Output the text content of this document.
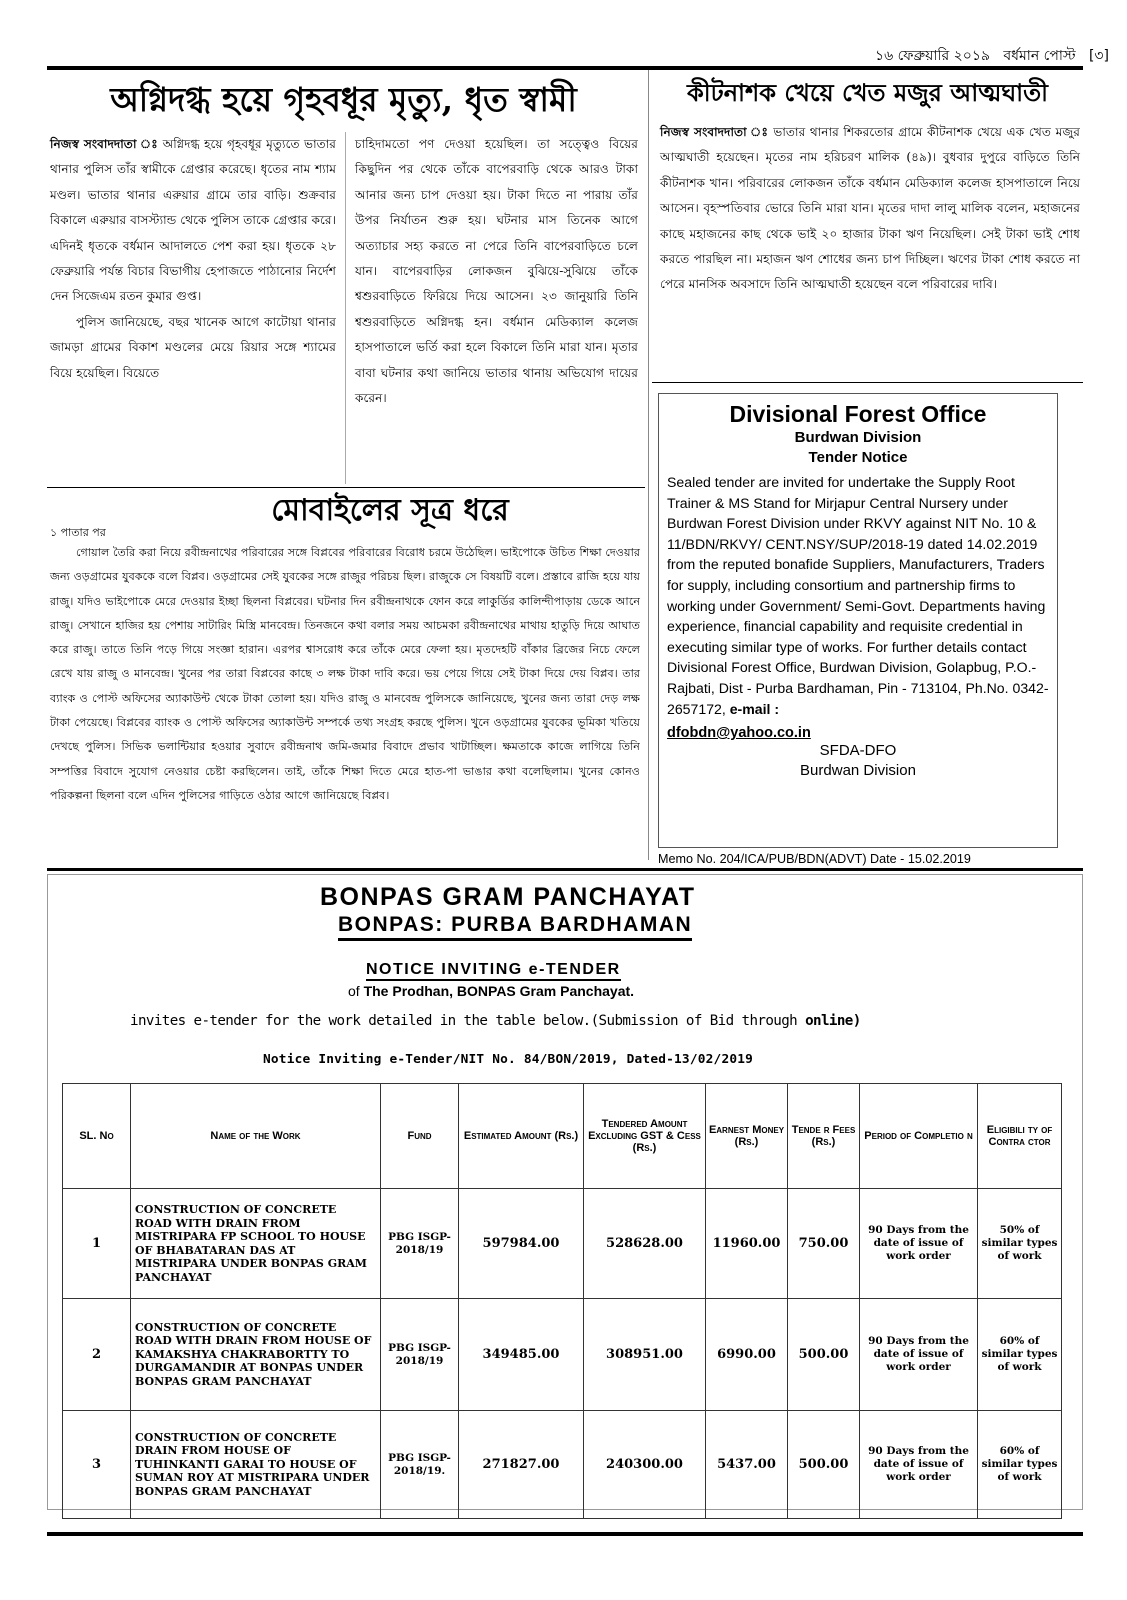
১৬ ফেব্রুয়ারি ২০১৯ বর্ধমান পোস্ট [৩]
অগ্নিদগ্ধ হয়ে গৃহবধূর মৃত্যু, ধৃত স্বামী

নিজস্ব সংবাদদাতা ঃ অগ্নিদগ্ধ হয়ে গৃহবধূর মৃত্যুতে ভাতার থানার পুলিস তাঁর স্বামীকে গ্রেপ্তার করেছে। ধৃতের নাম শ্যাম মণ্ডল। ভাতার থানার এরুয়ার গ্রামে তার বাড়ি। শুক্রবার বিকালে এরুয়ার বাসস্ট্যান্ড থেকে পুলিস তাকে গ্রেপ্তার করে। এদিনই ধৃতকে বর্ধমান আদালতে পেশ করা হয়। ধৃতকে ২৮ ফেব্রুয়ারি পর্যন্ত বিচার বিভাগীয় হেপাজতে পাঠানোর নির্দেশ দেন সিজেএম রতন কুমার গুপ্ত।

পুলিস জানিয়েছে, বছর খানেক আগে কাটোয়া থানার জামড়া গ্রামের বিকাশ মণ্ডলের মেয়ে রিয়ার সঙ্গে শ্যামের বিয়ে হয়েছিল। বিয়েতে

চাহিদামতো পণ দেওয়া হয়েছিল। তা সত্ত্বেও বিয়ের কিছুদিন পর থেকে তাঁকে বাপেরবাড়ি থেকে আরও টাকা আনার জন্য চাপ দেওয়া হয়। টাকা দিতে না পারায় তাঁর উপর নির্যাতন শুরু হয়। ঘটনার মাস তিনেক আগে অত্যাচার সহ্য করতে না পেরে তিনি বাপেরবাড়িতে চলে যান। বাপেরবাড়ির লোকজন বুঝিয়ে-সুঝিয়ে তাঁকে শ্বশুরবাড়িতে ফিরিয়ে দিয়ে আসেন। ২৩ জানুয়ারি তিনি শ্বশুরবাড়িতে অগ্নিদগ্ধ হন। বর্ধমান মেডিক্যাল কলেজ হাসপাতালে ভর্তি করা হলে বিকালে তিনি মারা যান। মৃতার বাবা ঘটনার কথা জানিয়ে ভাতার থানায় অভিযোগ দায়ের করেন।
কীটনাশক খেয়ে খেত মজুর আত্মঘাতী
নিজস্ব সংবাদদাতা ঃ ভাতার থানার শিকরতোর গ্রামে কীটনাশক খেয়ে এক খেত মজুর আত্মঘাতী হয়েছেন। মৃতের নাম হরিচরণ মালিক (৪৯)। বুধবার দুপুরে বাড়িতে তিনি কীটনাশক খান। পরিবারের লোকজন তাঁকে বর্ধমান মেডিক্যাল কলেজ হাসপাতালে নিয়ে আসেন। বৃহস্পতিবার ভোরে তিনি মারা যান। মৃতের দাদা লালু মালিক বলেন, মহাজনের কাছে মহাজনের কাছ থেকে ভাই ২০ হাজার টাকা ঋণ নিয়েছিল। সেই টাকা ভাই শোধ করতে পারছিল না। মহাজন ঋণ শোধের জন্য চাপ দিচ্ছিল। ঋণের টাকা শোধ করতে না পেরে মানসিক অবসাদে তিনি আত্মঘাতী হয়েছেন বলে পরিবারের দাবি।
মোবাইলের সূত্র ধরে
১ পাতার পর
গোয়াল তৈরি করা নিয়ে রবীন্দ্রনাথের পরিবারের সঙ্গে বিপ্লবের পরিবারের বিরোধ চরমে উঠেছিল। ভাইপোকে উচিত শিক্ষা দেওয়ার জন্য ওড়গ্রামের যুবককে বলে বিপ্লব। ওড়গ্রামের সেই যুবকের সঙ্গে রাজুর পরিচয় ছিল। রাজুকে সে বিষয়টি বলে। প্রস্তাবে রাজি হয়ে যায় রাজু। যদিও ভাইপোকে মেরে দেওয়ার ইচ্ছা ছিলনা বিপ্লবের। ঘটনার দিন রবীন্দ্রনাথকে ফোন করে লাকুর্ডির কালিন্দীপাড়ায় ডেকে আনে রাজু। সেখানে হাজির হয় পেশায় সাটারিং মিস্ত্রি মানবেন্দ্র। তিনজনে কথা বলার সময় আচমকা রবীন্দ্রনাথের মাথায় হাতুড়ি দিয়ে আঘাত করে রাজু। তাতে তিনি পড়ে গিয়ে সংজ্ঞা হারান। এরপর শ্বাসরোধ করে তাঁকে মেরে ফেলা হয়। মৃতদেহটি বাঁকার ব্রিজের নিচে ফেলে রেখে যায় রাজু ও মানবেন্দ্র। খুনের পর তারা বিপ্লবের কাছে ৩ লক্ষ টাকা দাবি করে। ভয় পেয়ে গিয়ে সেই টাকা দিয়ে দেয় বিপ্লব। তার ব্যাংক ও পোস্ট অফিসের অ্যাকাউন্ট থেকে টাকা তোলা হয়। যদিও রাজু ও মানবেন্দ্র পুলিসকে জানিয়েছে, খুনের জন্য তারা দেড় লক্ষ টাকা পেয়েছে। বিপ্লবের ব্যাংক ও পোস্ট অফিসের অ্যাকাউন্ট সম্পর্কে তথ্য সংগ্রহ করছে পুলিস। খুনে ওড়গ্রামের যুবকের ভূমিকা খতিয়ে দেখছে পুলিস। সিভিক ভলান্টিয়ার হওয়ার সুবাদে রবীন্দ্রনাথ জমি-জমার বিবাদে প্রভাব খাটাচ্ছিল। ক্ষমতাকে কাজে লাগিয়ে তিনি সম্পত্তির বিবাদে সুযোগ নেওয়ার চেষ্টা করছিলেন। তাই, তাঁকে শিক্ষা দিতে মেরে হাত-পা ভাঙার কথা বলেছিলাম। খুনের কোনও পরিকল্পনা ছিলনা বলে এদিন পুলিসের গাড়িতে ওঠার আগে জানিয়েছে বিপ্লব।
Divisional Forest Office
Burdwan Division
Tender Notice
Sealed tender are invited for undertake the Supply Root Trainer & MS Stand for Mirjapur Central Nursery under Burdwan Forest Division under RKVY against NIT No. 10 & 11/BDN/RKVY/ CENT.NSY/SUP/2018-19 dated 14.02.2019 from the reputed bonafide Suppliers, Manufacturers, Traders for supply, including consortium and partnership firms to working under Government/ Semi-Govt. Departments having experience, financial capability and requisite credential in executing similar type of works. For further details contact Divisional Forest Office, Burdwan Division, Golapbug, P.O.- Rajbati, Dist - Purba Bardhaman, Pin - 713104, Ph.No. 0342-2657172, e-mail :
dfobdn@yahoo.co.in
SFDA-DFO
Burdwan Division
Memo No. 204/ICA/PUB/BDN(ADVT) Date - 15.02.2019
BONPAS GRAM PANCHAYAT
BONPAS: PURBA BARDHAMAN
NOTICE INVITING e-TENDER
of The Prodhan, BONPAS Gram Panchayat.
invites e-tender for the work detailed in the table below.(Submission of Bid through online)
Notice Inviting e-Tender/NIT No. 84/BON/2019, Dated-13/02/2019
SL. No	Name of the Work	Fund	Estimated Amount (Rs.)	Tendered Amount Excluding GST & Cess (Rs.)	Earnest Money (Rs.)	Tende r Fees (Rs.)	Period of Completio n	Eligibili ty of Contra ctor
1	CONSTRUCTION OF CONCRETE ROAD WITH DRAIN FROM MISTRIPARA FP SCHOOL TO HOUSE OF BHABATARAN DAS AT MISTRIPARA UNDER BONPAS GRAM PANCHAYAT	PBG ISGP-2018/19	597984.00	528628.00	11960.00	750.00	90 Days from the date of issue of work order	50% of similar types of work
2	CONSTRUCTION OF CONCRETE ROAD WITH DRAIN FROM HOUSE OF KAMAKSHYA CHAKRABORTTY TO DURGAMANDIR AT BONPAS UNDER BONPAS GRAM PANCHAYAT	PBG ISGP-2018/19	349485.00	308951.00	6990.00	500.00	90 Days from the date of issue of work order	60% of similar types of work
3	CONSTRUCTION OF CONCRETE DRAIN FROM HOUSE OF TUHINKANTI GARAI TO HOUSE OF SUMAN ROY AT MISTRIPARA UNDER BONPAS GRAM PANCHAYAT	PBG ISGP-2018/19.	271827.00	240300.00	5437.00	500.00	90 Days from the date of issue of work order	60% of similar types of work
